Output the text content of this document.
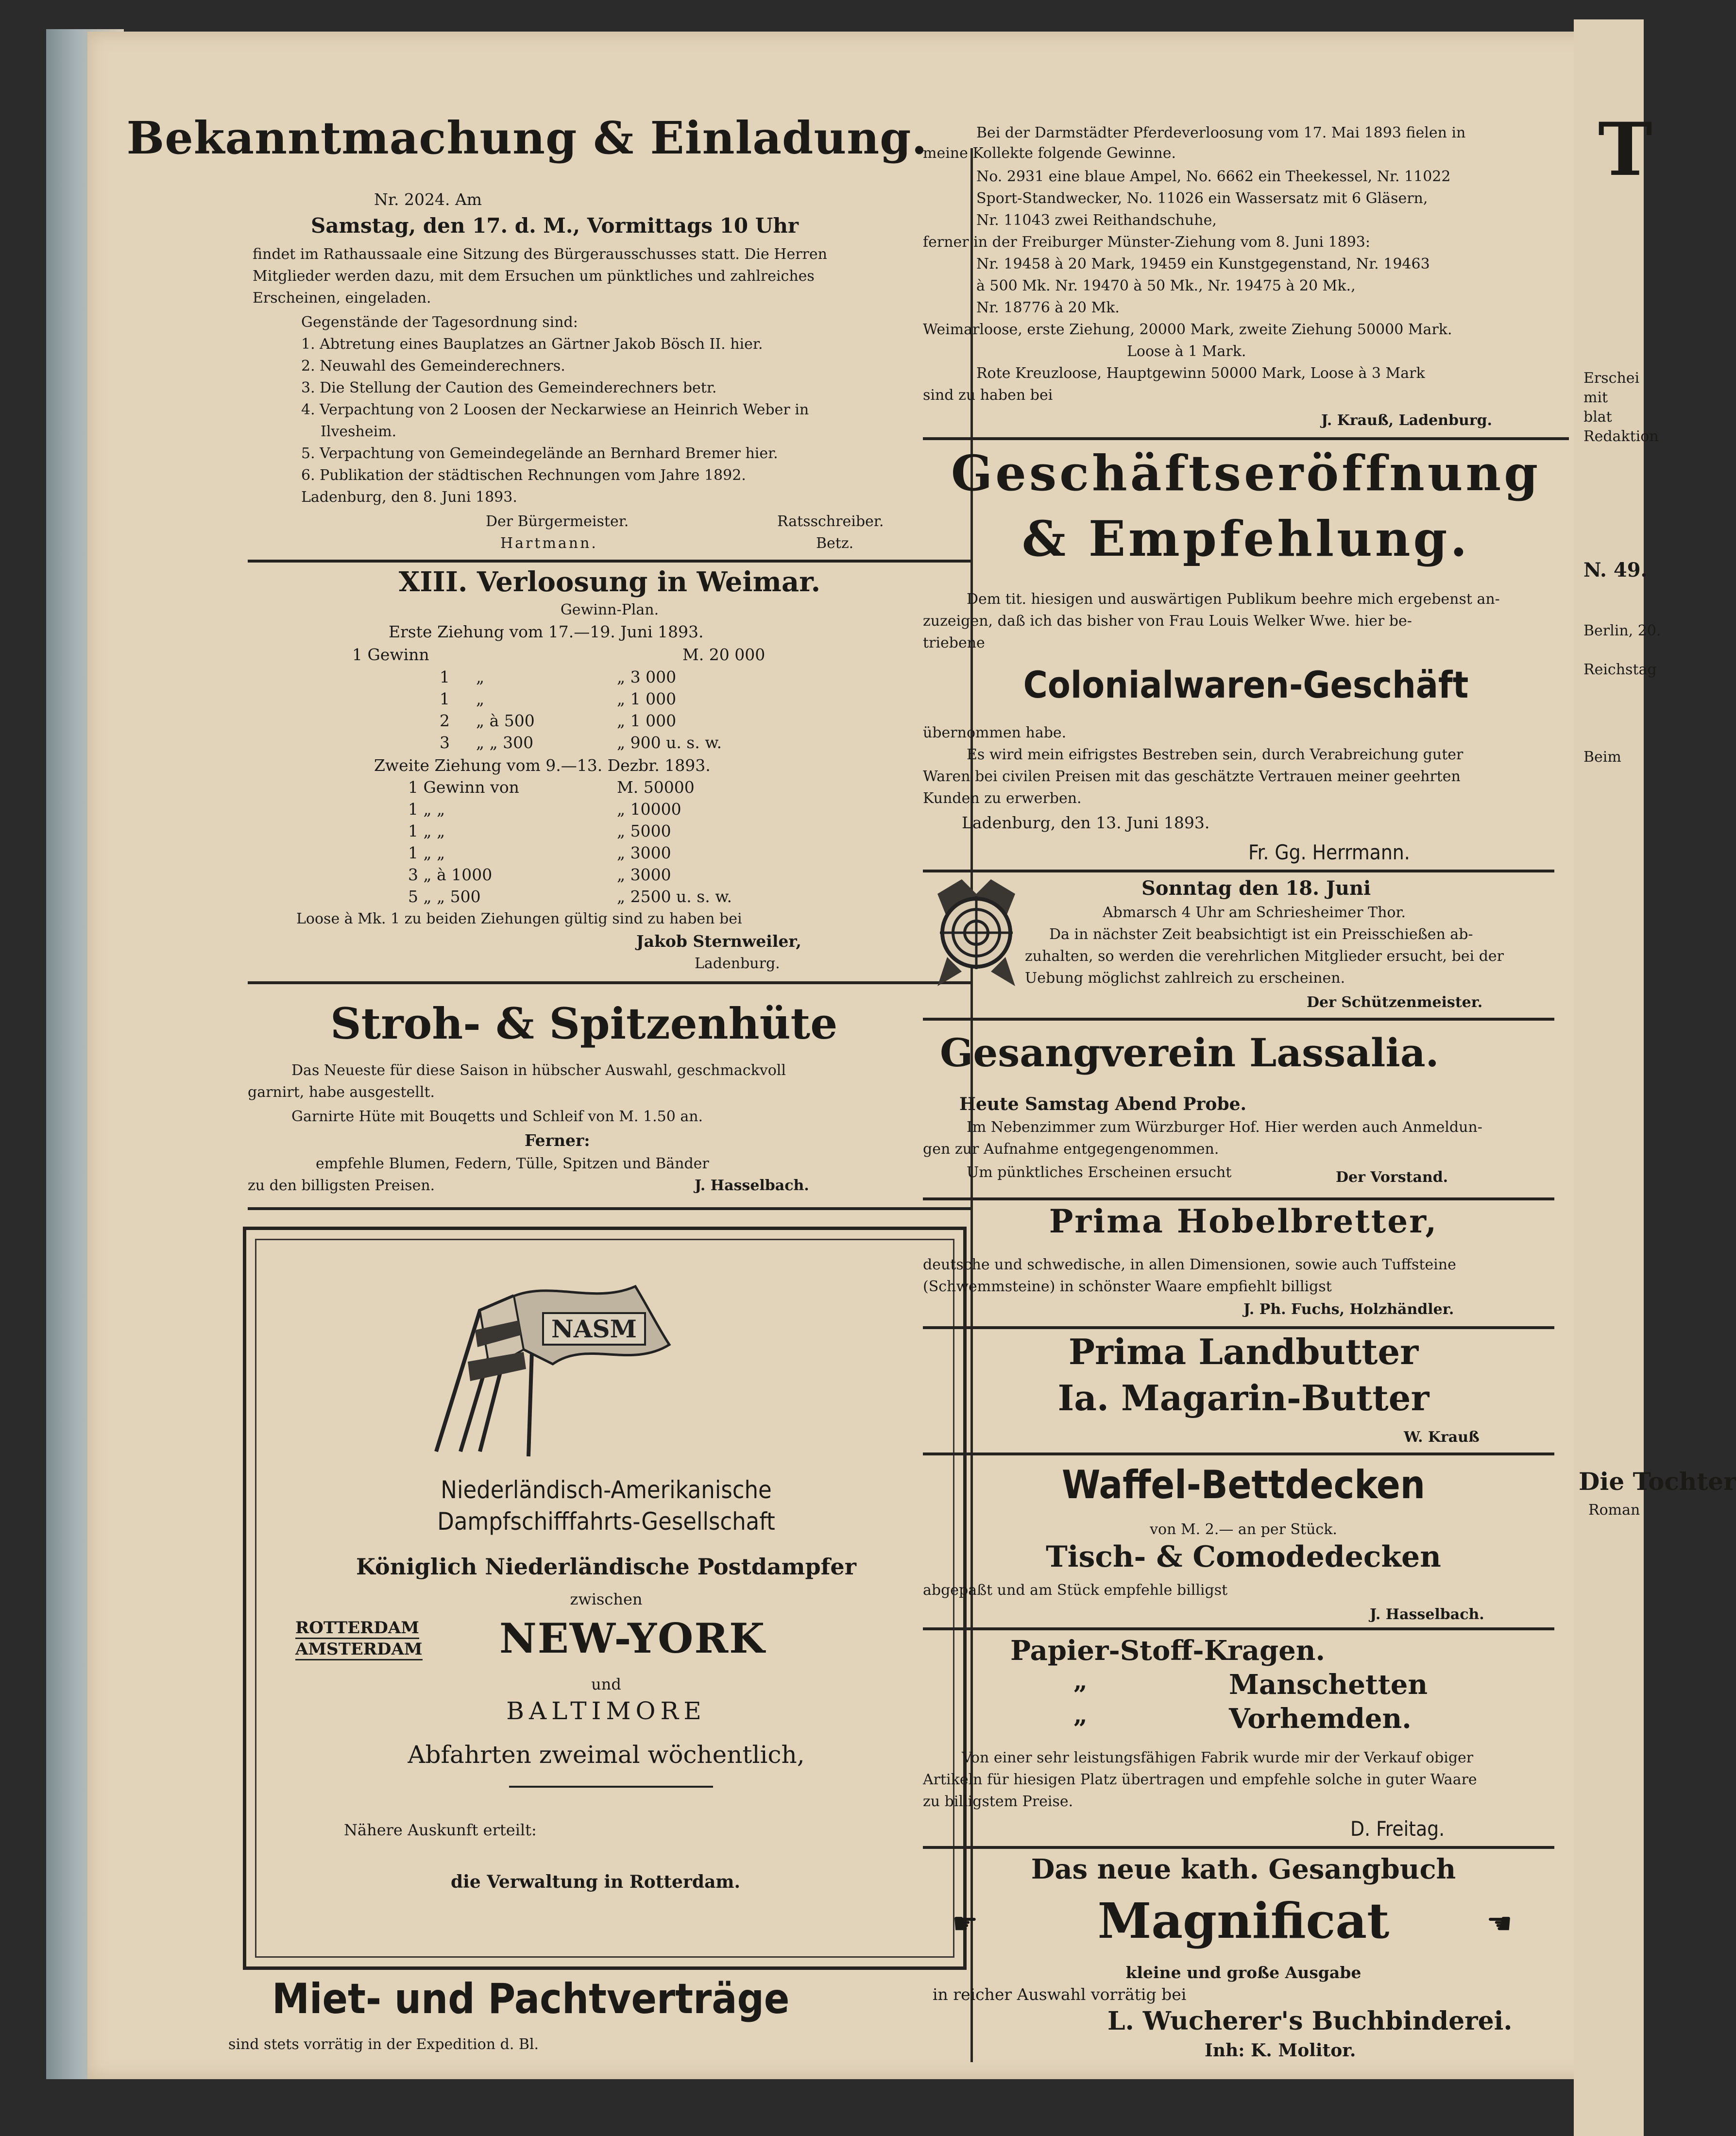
Bekanntmachung & Einladung.
Nr. 2024. Am
Samstag, den 17. d. M., Vormittags 10 Uhr
findet im Rathaussaale eine Sitzung des Bürgerausschusses statt. Die Herren
Mitglieder werden dazu, mit dem Ersuchen um pünktliches und zahlreiches
Erscheinen, eingeladen.
Gegenstände der Tagesordnung sind:
1. Abtretung eines Bauplatzes an Gärtner Jakob Bösch II. hier.
2. Neuwahl des Gemeinderechners.
3. Die Stellung der Caution des Gemeinderechners betr.
4. Verpachtung von 2 Loosen der Neckarwiese an Heinrich Weber in
Ilvesheim.
5. Verpachtung von Gemeindegelände an Bernhard Bremer hier.
6. Publikation der städtischen Rechnungen vom Jahre 1892.
Ladenburg, den 8. Juni 1893.
Der Bürgermeister.
Hartmann.
Ratsschreiber.
Betz.
XIII. Verloosung in Weimar.
Gewinn-Plan.
Erste Ziehung vom 17.—19. Juni 1893.
1 Gewinn	M. 20 000
1 „	„ 3 000
1 „	„ 1 000
2 „ à 500	„ 1 000
3 „ „ 300	„ 900 u. s. w.
Zweite Ziehung vom 9.—13. Dezbr. 1893.
1 Gewinn von	M. 50000
1 „ „	„ 10000
1 „ „	„ 5000
1 „ „	„ 3000
3 „ à 1000	„ 3000
5 „ „ 500	„ 2500 u. s. w.
Loose à Mk. 1 zu beiden Ziehungen gültig sind zu haben bei
Jakob Sternweiler,
Ladenburg.
Stroh- & Spitzenhüte
Das Neueste für diese Saison in hübscher Auswahl, geschmackvoll
garnirt, habe ausgestellt.
Garnirte Hüte mit Bouqetts und Schleif von M. 1.50 an.
Ferner:
empfehle Blumen, Federn, Tülle, Spitzen und Bänder
zu den billigsten Preisen.	J. Hasselbach.
NASM
Niederländisch-Amerikanische
Dampfschifffahrts-Gesellschaft
Königlich Niederländische Postdampfer
zwischen
ROTTERDAM
AMSTERDAM NEW-YORK
und
BALTIMORE
Abfahrten zweimal wöchentlich,
Nähere Auskunft erteilt:
die Verwaltung in Rotterdam.
Miet- und Pachtverträge
sind stets vorrätig in der Expedition d. Bl.
Bei der Darmstädter Pferdeverloosung vom 17. Mai 1893 fielen in
meine Kollekte folgende Gewinne.
No. 2931 eine blaue Ampel, No. 6662 ein Theekessel, Nr. 11022
Sport-Standwecker, No. 11026 ein Wassersatz mit 6 Gläsern,
Nr. 11043 zwei Reithandschuhe,
ferner in der Freiburger Münster-Ziehung vom 8. Juni 1893:
Nr. 19458 à 20 Mark, 19459 ein Kunstgegenstand, Nr. 19463
à 500 Mk. Nr. 19470 à 50 Mk., Nr. 19475 à 20 Mk.,
Nr. 18776 à 20 Mk.
Weimarloose, erste Ziehung, 20000 Mark, zweite Ziehung 50000 Mark.
Loose à 1 Mark.
Rote Kreuzloose, Hauptgewinn 50000 Mark, Loose à 3 Mark
sind zu haben bei
J. Krauß, Ladenburg.
Geschäftseröffnung
& Empfehlung.
Dem tit. hiesigen und auswärtigen Publikum beehre mich ergebenst an-
zuzeigen, daß ich das bisher von Frau Louis Welker Wwe. hier be-
triebene
Colonialwaren-Geschäft
übernommen habe.
Es wird mein eifrigstes Bestreben sein, durch Verabreichung guter
Waren bei civilen Preisen mit das geschätzte Vertrauen meiner geehrten
Kunden zu erwerben.
Ladenburg, den 13. Juni 1893.
Fr. Gg. Herrmann.
Sonntag den 18. Juni
Abmarsch 4 Uhr am Schriesheimer Thor.
Da in nächster Zeit beabsichtigt ist ein Preisschießen ab-
zuhalten, so werden die verehrlichen Mitglieder ersucht, bei der
Uebung möglichst zahlreich zu erscheinen.
Der Schützenmeister.
Gesangverein Lassalia.
Heute Samstag Abend Probe.
Im Nebenzimmer zum Würzburger Hof. Hier werden auch Anmeldun-
gen zur Aufnahme entgegengenommen.
Um pünktliches Erscheinen ersucht	Der Vorstand.
Prima Hobelbretter,
deutsche und schwedische, in allen Dimensionen, sowie auch Tuffsteine
(Schwemmsteine) in schönster Waare empfiehlt billigst
J. Ph. Fuchs, Holzhändler.
Prima Landbutter
Ia. Magarin-Butter
W. Krauß
Waffel-Bettdecken
von M. 2.— an per Stück.
Tisch- & Comodedecken
abgepaßt und am Stück empfehle billigst
J. Hasselbach.
Papier-Stoff-Kragen.
„	Manschetten
„	Vorhemden.
Von einer sehr leistungsfähigen Fabrik wurde mir der Verkauf obiger
Artikeln für hiesigen Platz übertragen und empfehle solche in guter Waare
zu billigstem Preise.
D. Freitag.
Das neue kath. Gesangbuch
☛	Magnificat	☚
kleine und große Ausgabe
in reicher Auswahl vorrätig bei
L. Wucherer's Buchbinderei.
Inh: K. Molitor.
T
Erschei
mit
blat
Redaktion
N. 49.
Berlin, 20.
Reichstag
Beim
Die Tochter
Roman
